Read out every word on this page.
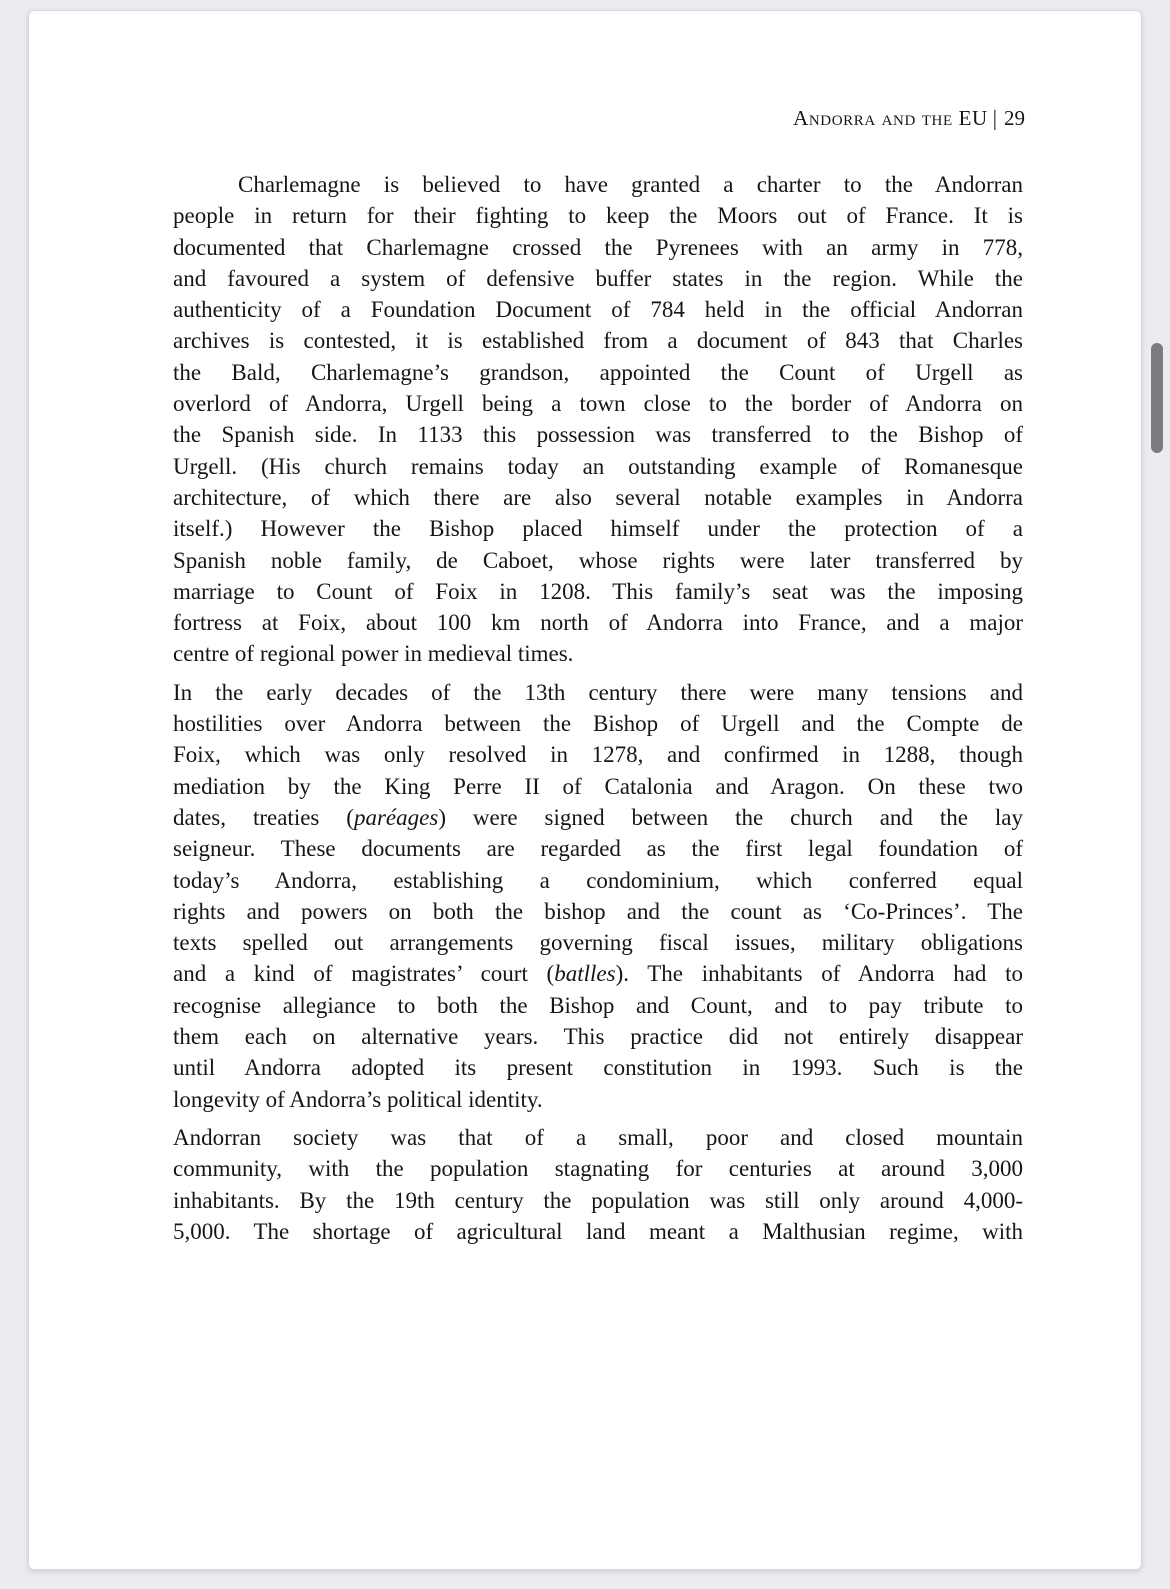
Andorra and the EU | 29
Charlemagne is believed to have granted a charter to the Andorran
people in return for their fighting to keep the Moors out of France. It is
documented that Charlemagne crossed the Pyrenees with an army in 778,
and favoured a system of defensive buffer states in the region. While the
authenticity of a Foundation Document of 784 held in the official Andorran
archives is contested, it is established from a document of 843 that Charles
the Bald, Charlemagne’s grandson, appointed the Count of Urgell as
overlord of Andorra, Urgell being a town close to the border of Andorra on
the Spanish side. In 1133 this possession was transferred to the Bishop of
Urgell. (His church remains today an outstanding example of Romanesque
architecture, of which there are also several notable examples in Andorra
itself.) However the Bishop placed himself under the protection of a
Spanish noble family, de Caboet, whose rights were later transferred by
marriage to Count of Foix in 1208. This family’s seat was the imposing
fortress at Foix, about 100 km north of Andorra into France, and a major
centre of regional power in medieval times.
In the early decades of the 13th century there were many tensions and
hostilities over Andorra between the Bishop of Urgell and the Compte de
Foix, which was only resolved in 1278, and confirmed in 1288, though
mediation by the King Perre II of Catalonia and Aragon. On these two
dates, treaties (paréages) were signed between the church and the lay
seigneur. These documents are regarded as the first legal foundation of
today’s Andorra, establishing a condominium, which conferred equal
rights and powers on both the bishop and the count as ‘Co-Princes’. The
texts spelled out arrangements governing fiscal issues, military obligations
and a kind of magistrates’ court (batlles). The inhabitants of Andorra had to
recognise allegiance to both the Bishop and Count, and to pay tribute to
them each on alternative years. This practice did not entirely disappear
until Andorra adopted its present constitution in 1993. Such is the
longevity of Andorra’s political identity.
Andorran society was that of a small, poor and closed mountain
community, with the population stagnating for centuries at around 3,000
inhabitants. By the 19th century the population was still only around 4,000-
5,000. The shortage of agricultural land meant a Malthusian regime, with
